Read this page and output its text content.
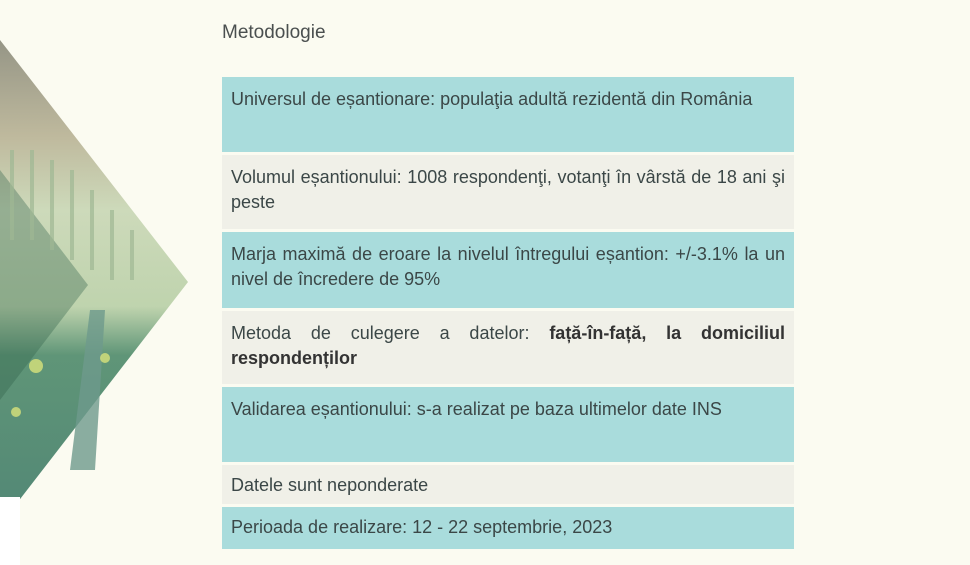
Metodologie
Universul de eșantionare: populaţia adultă rezidentă din România
Volumul eșantionului: 1008 respondenţi, votanţi în vârstă de 18 ani şi peste
Marja maximă de eroare la nivelul întregului eșantion: +/-3.1% la un nivel de încredere de 95%
Metoda de culegere a datelor: față-în-față, la domiciliul respondenților
Validarea eșantionului: s-a realizat pe baza ultimelor date INS
Datele sunt neponderate
Perioada de realizare: 12 - 22 septembrie, 2023
